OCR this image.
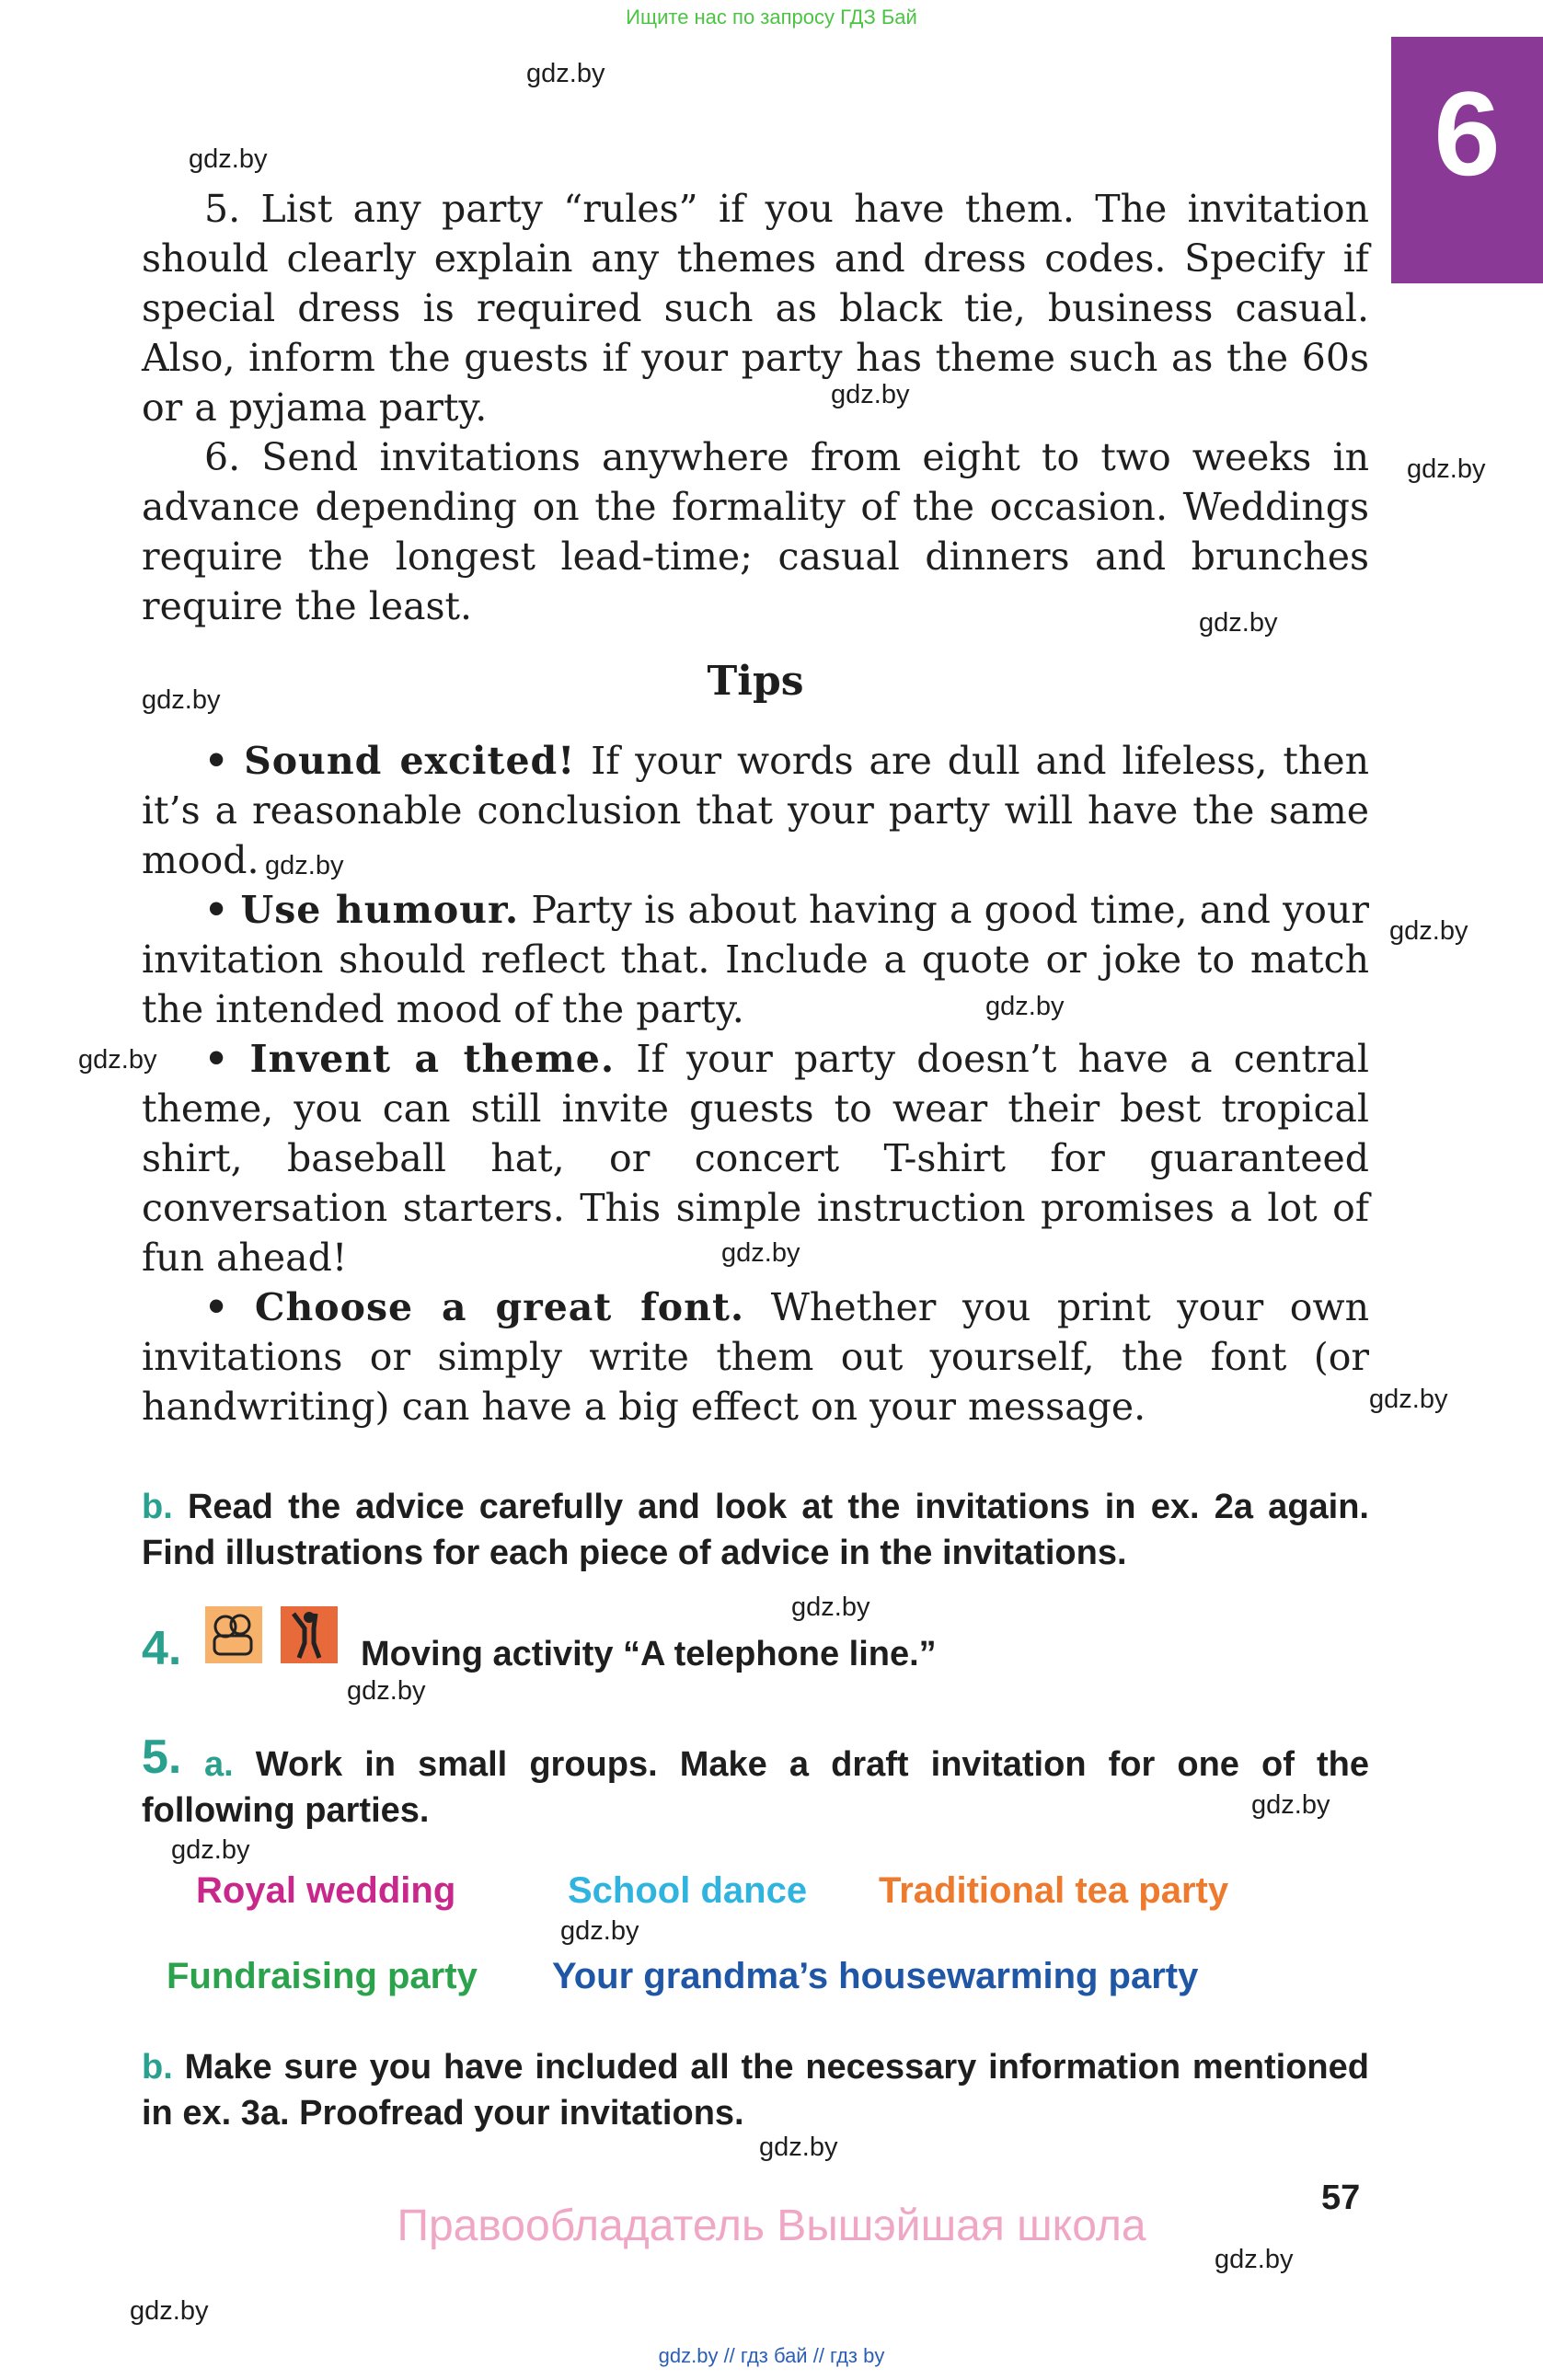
Ищите нас по запросу ГДЗ Бай
6
gdz.by
gdz.by
gdz.by
gdz.by
gdz.by
gdz.by
gdz.by
gdz.by
gdz.by
gdz.by
gdz.by
gdz.by
gdz.by
gdz.by
gdz.by
gdz.by
gdz.by
gdz.by
gdz.by
gdz.by

5. List any party “rules” if you have them. The invitation should clearly explain any themes and dress codes. Specify if special dress is required such as black tie, business casual. Also, inform the guests if your party has theme such as the 60s or a pyjama party.

6. Send invitations anywhere from eight to two weeks in advance depending on the formality of the occasion. Weddings require the longest lead-time; casual dinners and brunches require the least.

Tips

• Sound excited! If your words are dull and lifeless, then it’s a reasonable conclusion that your party will have the same mood.

• Use humour. Party is about having a good time, and your invitation should reflect that. Include a quote or joke to match the intended mood of the party.

• Invent a theme. If your party doesn’t have a central theme, you can still invite guests to wear their best tropical shirt, baseball hat, or concert T-shirt for guaranteed conversation starters. This simple instruction promises a lot of fun ahead!

• Choose a great font. Whether you print your own invitations or simply write them out yourself, the font (or handwriting) can have a big effect on your message.

b. Read the advice carefully and look at the invitations in ex. 2a again. Find illustrations for each piece of advice in the invitations.
4.	Moving activity “A telephone line.”
5. a. Work in small groups. Make a draft invitation for one of the following parties.
Royal wedding	School dance Traditional tea party
Fundraising party Your grandma’s housewarming party
b. Make sure you have included all the necessary information mentioned in ex. 3a. Proofread your invitations.
57
Правообладатель Вышэйшая школа
gdz.by // гдз бай // гдз by
